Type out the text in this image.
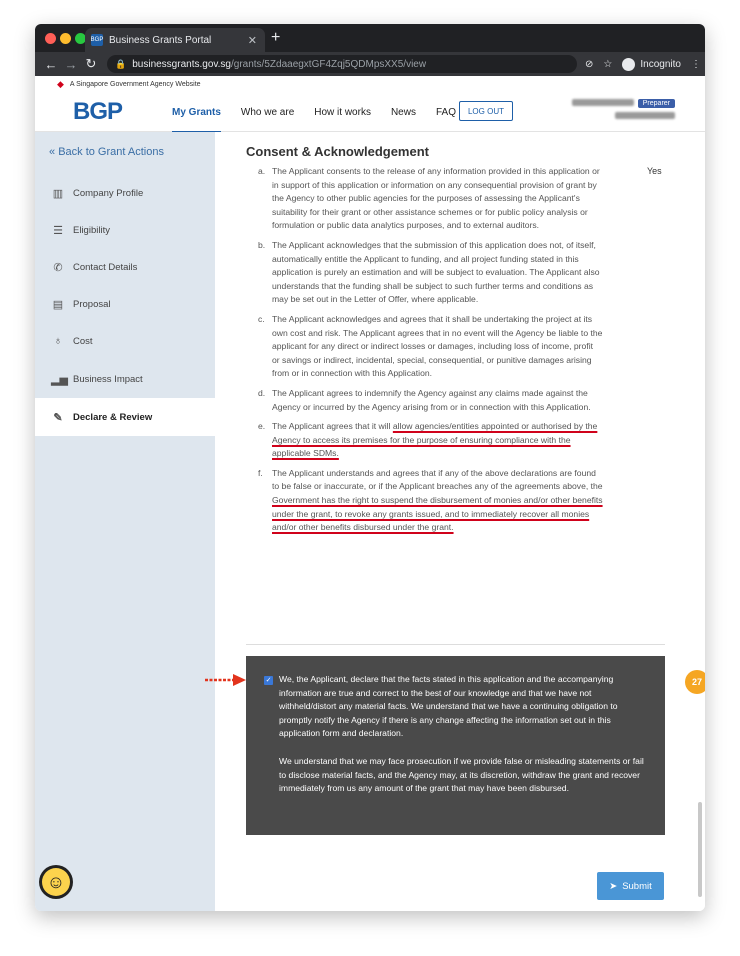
BGP Business Grants Portal	✕ +
← → ↻	🔒 businessgrants.gov.sg /grants/5ZdaaegxtGF4Zqj5QDMpsXX5/view	⊘ ☆	Incognito ⋮
◆ A Singapore Government Agency Website
BGP	My Grants Who we are How it works News FAQ	LOG OUT
Preparer
« Back to Grant Actions
▥ Company Profile
☰ Eligibility
✆ Contact Details
▤ Proposal
♁	Cost
▂▅ Business Impact
✎ Declare & Review
☺
Consent & Acknowledgement
Yes
a. The Applicant consents to the release of any information provided in this application or in support of this application or information on any consequential provision of grant by the Agency to other public agencies for the purposes of assessing the Applicant's suitability for their grant or other assistance schemes or for public policy analysis or formulation or public data analytics purposes, and to external auditors.
b. The Applicant acknowledges that the submission of this application does not, of itself, automatically entitle the Applicant to funding, and all project funding stated in this application is purely an estimation and will be subject to evaluation. The Applicant also understands that the funding shall be subject to such further terms and conditions as may be set out in the Letter of Offer, where applicable.
c. The Applicant acknowledges and agrees that it shall be undertaking the project at its own cost and risk. The Applicant agrees that in no event will the Agency be liable to the applicant for any direct or indirect losses or damages, including loss of income, profit or savings or indirect, incidental, special, consequential, or punitive damages arising from or in connection with this Application.
d. The Applicant agrees to indemnify the Agency against any claims made against the Agency or incurred by the Agency arising from or in connection with this Application.
e. The Applicant agrees that it will allow agencies/entities appointed or authorised by the Agency to access its premises for the purpose of ensuring compliance with the applicable SDMs.
f.	The Applicant understands and agrees that if any of the above declarations are found to be false or inaccurate, or if the Applicant breaches any of the agreements above, the Government has the right to suspend the disbursement of monies and/or other benefits under the grant, to revoke any grants issued, and to immediately recover all monies and/or other benefits disbursed under the grant.
✓ We, the Applicant, declare that the facts stated in this application and the accompanying information are true and correct to the best of our knowledge and that we have not withheld/distort any material facts. We understand that we have a continuing obligation to promptly notify the Agency if there is any change affecting the information set out in this application form and declaration.

We understand that we may face prosecution if we provide false or misleading statements or fail to disclose material facts, and the Agency may, at its discretion, withdraw the grant and recover immediately from us any amount of the grant that may have been disbursed.

27
➤ Submit
